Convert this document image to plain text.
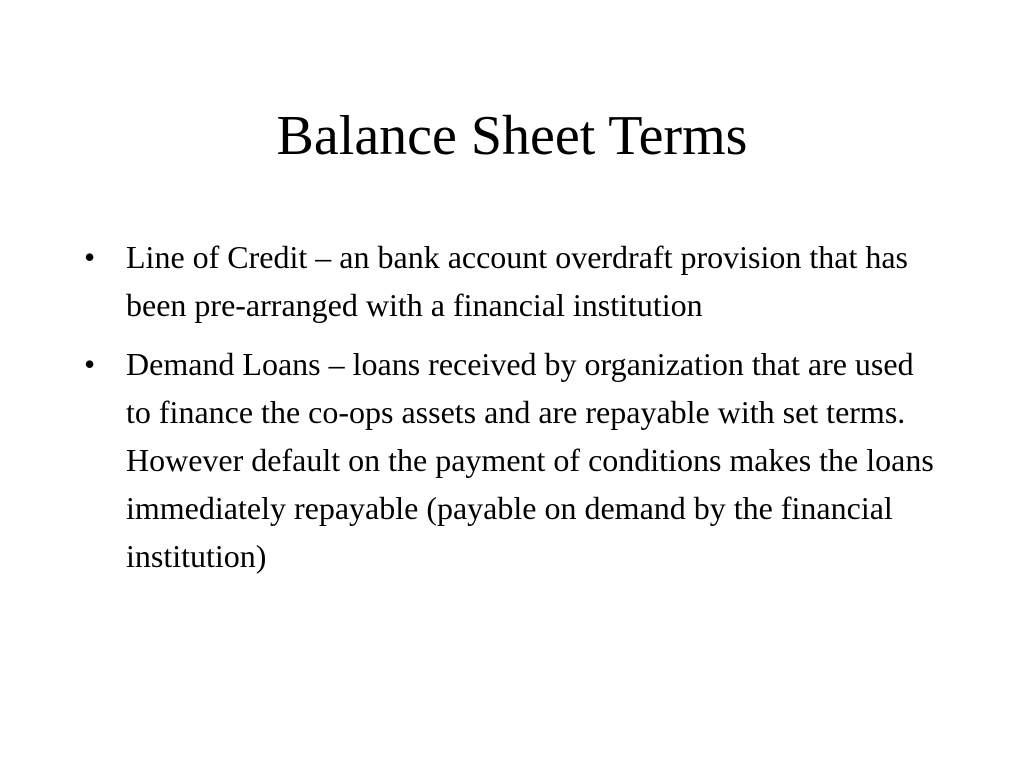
Balance Sheet Terms
• Line of Credit – an bank account overdraft provision that has been pre-arranged with a financial institution
• Demand Loans – loans received by organization that are used to finance the co-ops assets and are repayable with set terms. However default on the payment of conditions makes the loans immediately repayable (payable on demand by the financial institution)
